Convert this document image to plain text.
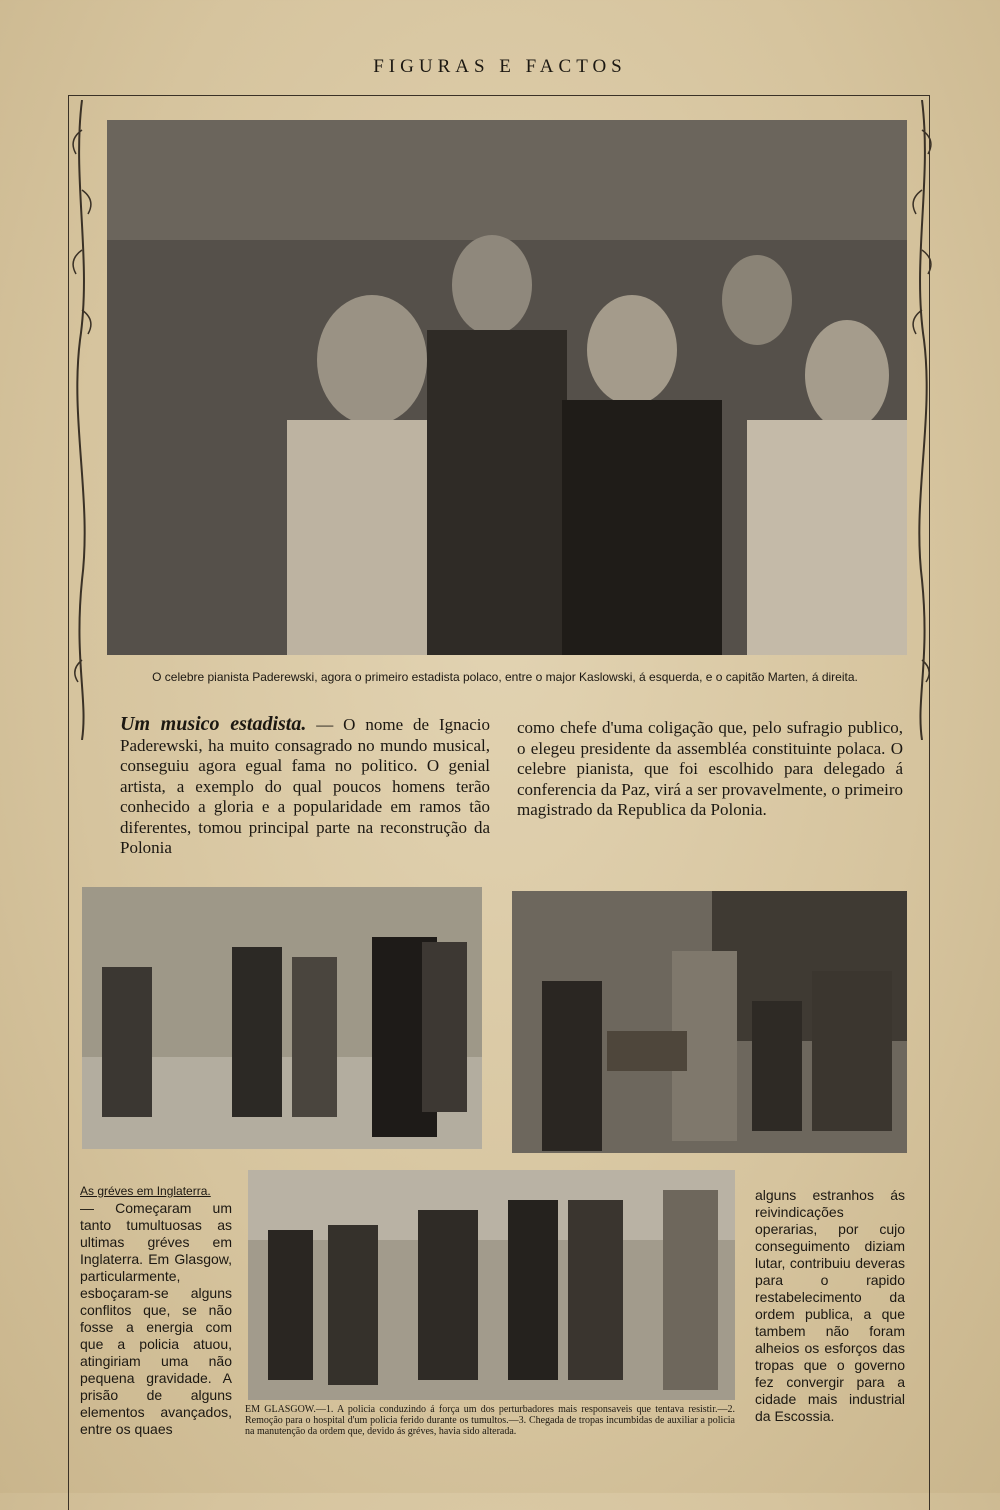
FIGURAS E FACTOS
O celebre pianista Paderewski, agora o primeiro estadista polaco, entre o major Kaslowski, á esquerda, e o capitão Marten, á direita.
Um musico estadista. — O nome de Ignacio Paderewski, ha muito consagrado no mundo musical, conseguiu agora egual fama no politico. O genial artista, a exemplo do qual poucos homens terão conhecido a gloria e a popularidade em ramos tão diferentes, tomou principal parte na reconstrução da Polonia
como chefe d'uma coligação que, pelo sufragio publico, o elegeu presidente da assembléa constituinte polaca. O celebre pianista, que foi escolhido para delegado á conferencia da Paz, virá a ser provavelmente, o primeiro magistrado da Republica da Polonia.
As gréves em Inglaterra.
— Começaram um tanto tumultuosas as ultimas gréves em Inglaterra. Em Glasgow, particularmente, esboçaram-se alguns conflitos que, se não fosse a energia com que a policia atuou, atingiriam uma não pequena gravidade. A prisão de alguns elementos avançados, entre os quaes
alguns estranhos ás reivindicações operarias, por cujo conseguimento diziam lutar, contribuiu deveras para o rapido restabelecimento da ordem publica, a que tambem não foram alheios os esforços das tropas que o governo fez convergir para a cidade mais industrial da Escossia.
EM GLASGOW.—1. A policia conduzindo á força um dos perturbadores mais responsaveis que tentava resistir.—2. Remoção para o hospital d'um policia ferido durante os tumultos.—3. Chegada de tropas incumbidas de auxiliar a policia na manutenção da ordem que, devido ás gréves, havia sido alterada.
